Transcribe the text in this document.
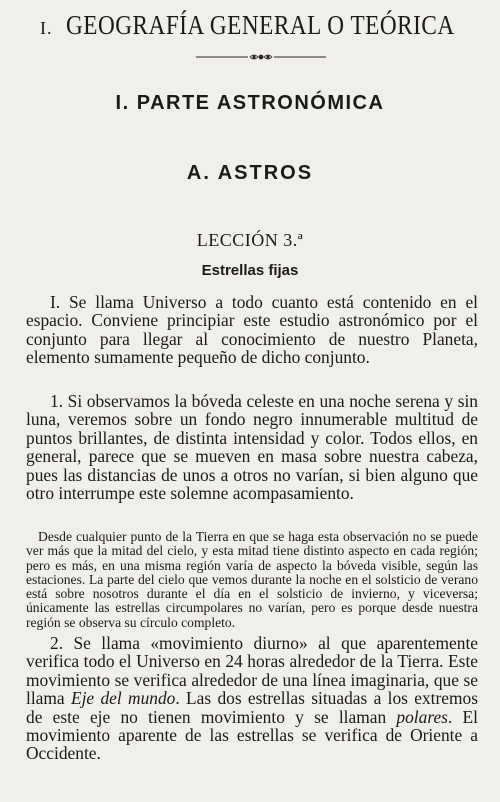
I. GEOGRAFÍA GENERAL O TEÓRICA
I. PARTE ASTRONÓMICA
A. ASTROS
LECCIÓN 3.ª
Estrellas fijas
I. Se llama Universo a todo cuanto está contenido en el espacio. Conviene principiar este estudio astronómico por el conjunto para llegar al conocimiento de nuestro Planeta, elemento sumamente pequeño de dicho conjunto.
1. Si observamos la bóveda celeste en una noche serena y sin luna, veremos sobre un fondo negro innumerable multitud de puntos brillantes, de distinta intensidad y color. Todos ellos, en general, parece que se mueven en masa sobre nuestra cabeza, pues las distancias de unos a otros no varían, si bien alguno que otro interrumpe este solemne acompasamiento.
Desde cualquier punto de la Tierra en que se haga esta observación no se puede ver más que la mitad del cielo, y esta mitad tiene distinto aspecto en cada región; pero es más, en una misma región varía de aspecto la bóveda visible, según las estaciones. La parte del cielo que vemos durante la noche en el solsticio de verano está sobre nosotros durante el día en el solsticio de invierno, y viceversa; únicamente las estrellas circumpolares no varían, pero es porque desde nuestra región se observa su círculo completo.
2. Se llama «movimiento diurno» al que aparentemente verifica todo el Universo en 24 horas alrededor de la Tierra. Este movimiento se verifica alrededor de una línea imaginaria, que se llama Eje del mundo. Las dos estrellas situadas a los extremos de este eje no tienen movimiento y se llaman polares. El movimiento aparente de las estrellas se verifica de Oriente a Occidente.
